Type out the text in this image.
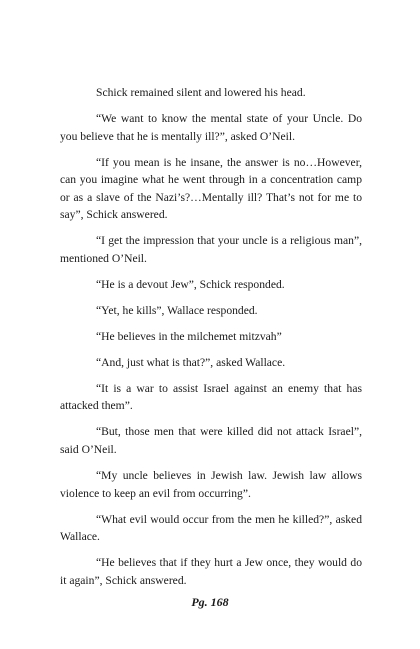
Schick remained silent and lowered his head.

“We want to know the mental state of your Uncle. Do you believe that he is mentally ill?”, asked O’Neil.

“If you mean is he insane, the answer is no…However, can you imagine what he went through in a concentration camp or as a slave of the Nazi’s?…Mentally ill? That’s not for me to say”, Schick answered.

“I get the impression that your uncle is a religious man”, mentioned O’Neil.

“He is a devout Jew”, Schick responded.

“Yet, he kills”, Wallace responded.

“He believes in the milchemet mitzvah”

“And, just what is that?”, asked Wallace.

“It is a war to assist Israel against an enemy that has attacked them”.

“But, those men that were killed did not attack Israel”, said O’Neil.

“My uncle believes in Jewish law. Jewish law allows violence to keep an evil from occurring”.

“What evil would occur from the men he killed?”, asked Wallace.

“He believes that if they hurt a Jew once, they would do it again”, Schick answered.

Pg. 168
